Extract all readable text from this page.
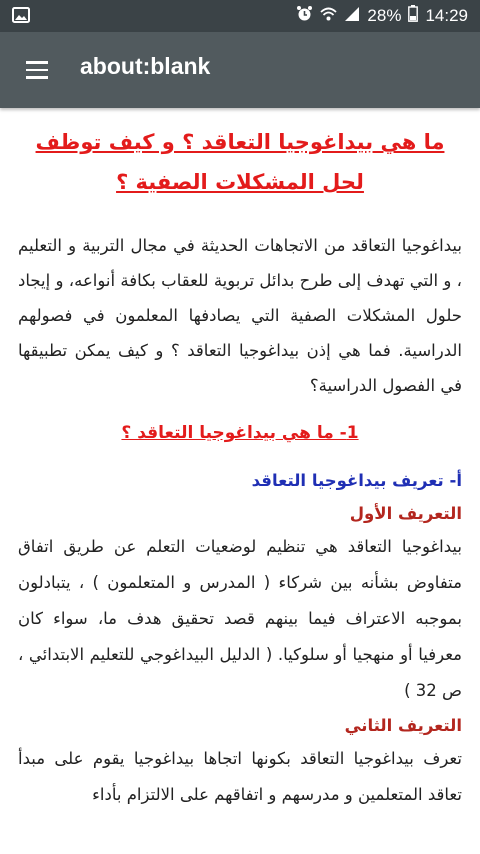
28% 14:29
about:blank
ما هي بيداغوجيا التعاقد ؟ و كيف توظف لحل المشكلات الصفية ؟
بيداغوجيا التعاقد من الاتجاهات الحديثة في مجال التربية و التعليم ، و التي تهدف إلى طرح بدائل تربوية للعقاب بكافة أنواعه، و إيجاد حلول المشكلات الصفية التي يصادفها المعلمون في فصولهم الدراسية. فما هي إذن بيداغوجيا التعاقد ؟ و كيف يمكن تطبيقها في الفصول الدراسية؟
1- ما هي بيداغوجيا التعاقد ؟
أ- تعريف بيداغوجيا التعاقد
التعريف الأول
بيداغوجيا التعاقد هي تنظيم لوضعيات التعلم عن طريق اتفاق متفاوض بشأنه بين شركاء ( المدرس و المتعلمون ) ، يتبادلون بموجبه الاعتراف فيما بينهم قصد تحقيق هدف ما، سواء كان معرفيا أو منهجيا أو سلوكيا. ( الدليل البيداغوجي للتعليم الابتدائي ، ص 32 )
التعريف الثاني
تعرف بيداغوجيا التعاقد بكونها اتجاها بيداغوجيا يقوم على مبدأ تعاقد المتعلمين و مدرسهم و اتفاقهم على الالتزام بأداء
